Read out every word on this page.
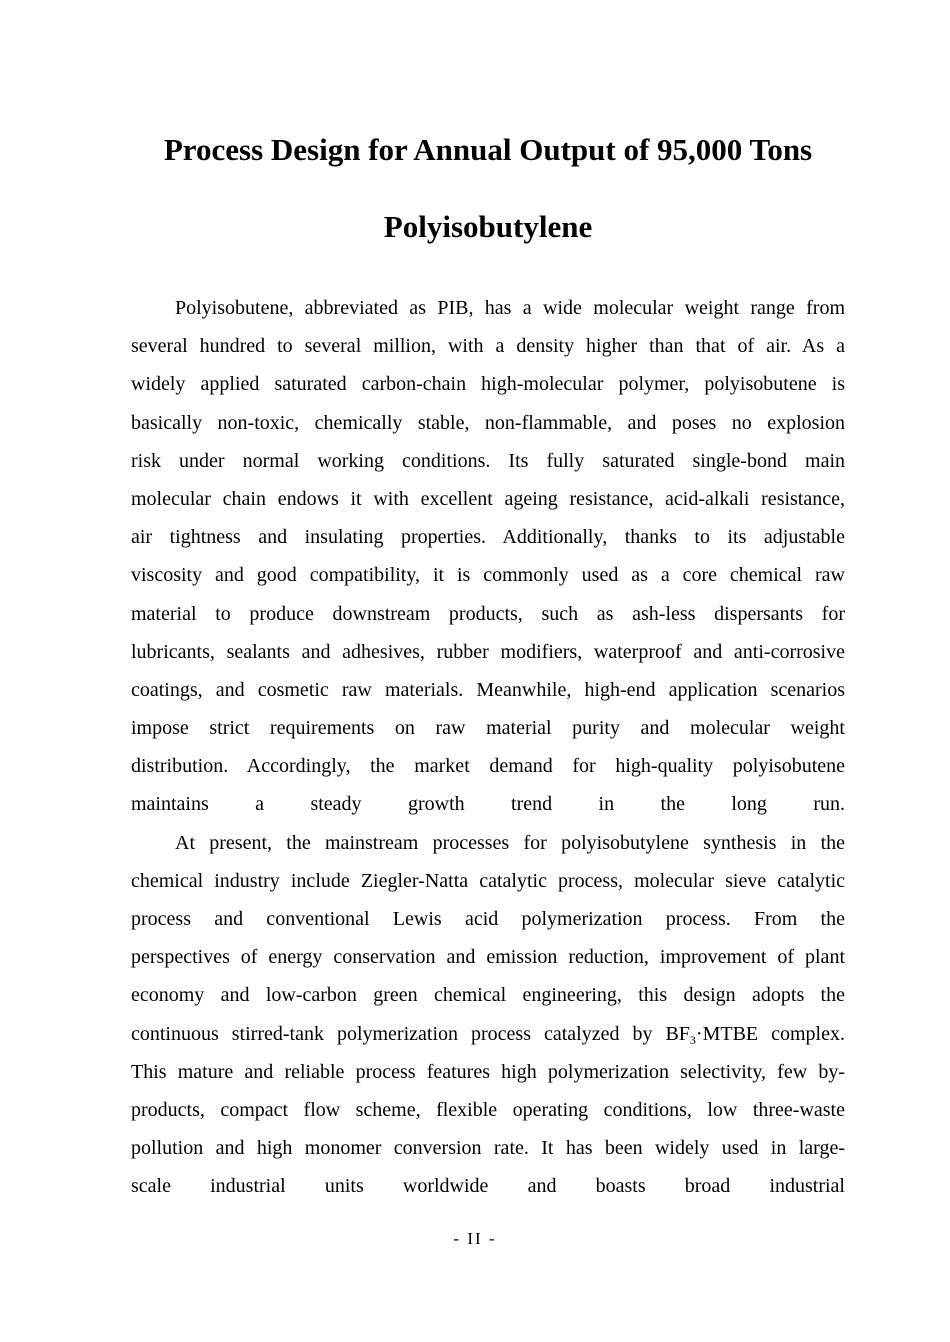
Process Design for Annual Output of 95,000 Tons
Polyisobutylene
Polyisobutene, abbreviated as PIB, has a wide molecular weight range from
several hundred to several million, with a density higher than that of air. As a
widely applied saturated carbon-chain high-molecular polymer, polyisobutene is
basically non-toxic, chemically stable, non-flammable, and poses no explosion
risk under normal working conditions. Its fully saturated single-bond main
molecular chain endows it with excellent ageing resistance, acid-alkali resistance,
air tightness and insulating properties. Additionally, thanks to its adjustable
viscosity and good compatibility, it is commonly used as a core chemical raw
material to produce downstream products, such as ash-less dispersants for
lubricants, sealants and adhesives, rubber modifiers, waterproof and anti-corrosive
coatings, and cosmetic raw materials. Meanwhile, high-end application scenarios
impose strict requirements on raw material purity and molecular weight
distribution. Accordingly, the market demand for high-quality polyisobutene
maintains a steady growth trend in the long run.
At present, the mainstream processes for polyisobutylene synthesis in the
chemical industry include Ziegler-Natta catalytic process, molecular sieve catalytic
process and conventional Lewis acid polymerization process. From the
perspectives of energy conservation and emission reduction, improvement of plant
economy and low-carbon green chemical engineering, this design adopts the
continuous stirred-tank polymerization process catalyzed by $BF_3\cdot MTBE$ complex.
This mature and reliable process features high polymerization selectivity, few by-
products, compact flow scheme, flexible operating conditions, low three-waste
pollution and high monomer conversion rate. It has been widely used in large-
scale industrial units worldwide and boasts broad industrial
- II -
